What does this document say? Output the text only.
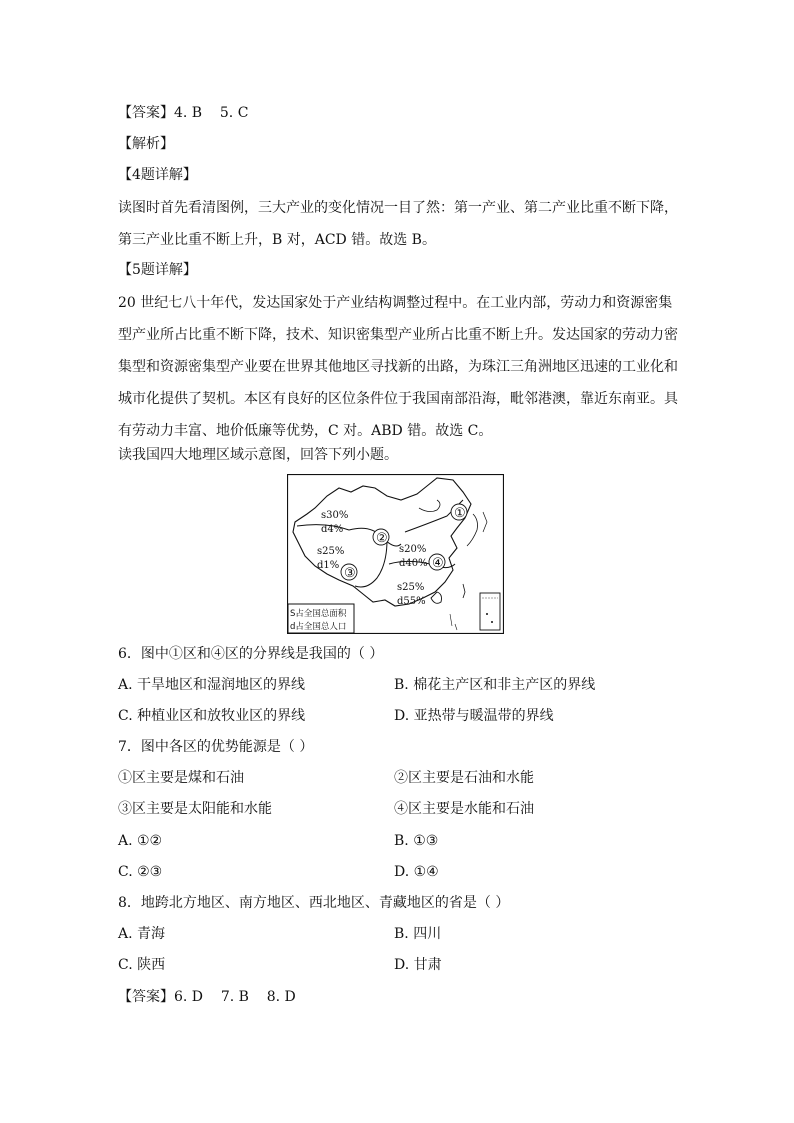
【答案】4. B    5. C
【解析】
【4题详解】
读图时首先看清图例，三大产业的变化情况一目了然：第一产业、第二产业比重不断下降，
第三产业比重不断上升，B 对，ACD 错。故选 B。
【5题详解】
20 世纪七八十年代，发达国家处于产业结构调整过程中。在工业内部，劳动力和资源密集
型产业所占比重不断下降，技术、知识密集型产业所占比重不断上升。发达国家的劳动力密
集型和资源密集型产业要在世界其他地区寻找新的出路，为珠江三角洲地区迅速的工业化和
城市化提供了契机。本区有良好的区位条件位于我国南部沿海，毗邻港澳，靠近东南亚。具
有劳动力丰富、地价低廉等优势，C 对。ABD 错。故选 C。
读我国四大地理区域示意图，回答下列小题。
①
②
③
④
s30%
d4%
s25%
d1%
s20%
d40%
s25%
d55%
S占全国总面积
d占全国总人口
6．图中①区和④区的分界线是我国的（ ）
A. 干旱地区和湿润地区的界线	B. 棉花主产区和非主产区的界线
C. 种植业区和放牧业区的界线	D. 亚热带与暖温带的界线
7．图中各区的优势能源是（ ）
①区主要是煤和石油	②区主要是石油和水能
③区主要是太阳能和水能	④区主要是水能和石油
A. ①②	B. ①③
C. ②③	D. ①④
8．地跨北方地区、南方地区、西北地区、青藏地区的省是（ ）
A. 青海	B. 四川
C. 陕西	D. 甘肃
【答案】6. D    7. B    8. D
